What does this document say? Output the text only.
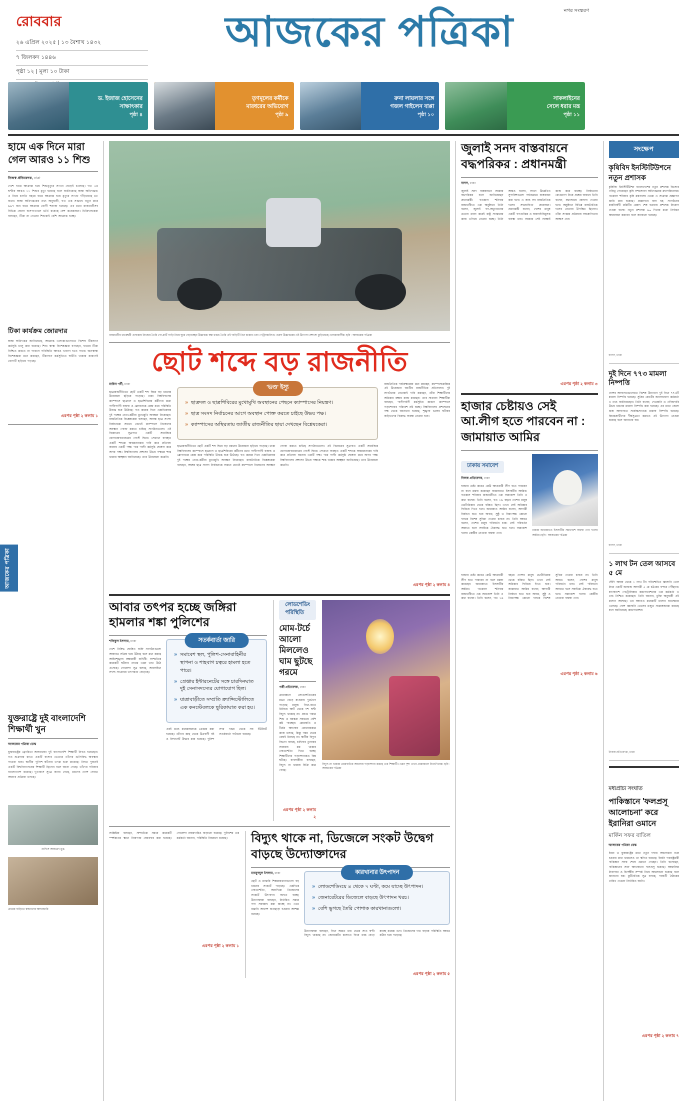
রোববার
২৬ এপ্রিল ২০২৫ | ১৩ বৈশাখ ১৪৩২
৭ জিলকদ ১৪৪৬
পৃষ্ঠা ১২ | মূল্য ১০ টাকা
নগর সংস্করণ
আজকের পত্রিকা
ড. ইজাজ হোসেনের
সাক্ষাৎকার
পৃষ্ঠা ৪
তৃণমূলের কর্মীকে
মারধরের অভিযোগ
পৃষ্ঠা ৯
রুনা লায়লার সঙ্গে
গজল গাইলেন বাপ্পা
পৃষ্ঠা ১০
সাকলাইনের
সেলে ধরার মন্ত্র
পৃষ্ঠা ১১
হামে এক দিনে মারা গেল আরও ১১ শিশু
নিজস্ব প্রতিবেদক, ঢাকা
দেশে হামে আক্রান্ত হয়ে শিশুমৃত্যুর সংখ্যা বেড়েই চলেছে। গত ২৪ ঘণ্টায় আরও ১১ শিশুর মৃত্যু হয়েছে বলে জানিয়েছে স্বাস্থ্য অধিদপ্তর। এ নিয়ে চলতি বছরে হামে আক্রান্ত হয়ে মৃত্যুর সংখ্যা দাঁড়িয়েছে ৪৮ জনে। স্বাস্থ্য অধিদপ্তরের তথ্য অনুযায়ী, গত এক সপ্তাহে নতুন করে ৬৯৭ জন হামে আক্রান্ত রোগী শনাক্ত হয়েছে। এর মধ্যে রাজধানীসহ বিভিন্ন জেলা হাসপাতালে ভর্তি রয়েছে বেশ কয়েকজন। চিকিৎসকেরা বলছেন, টিকা না নেওয়া শিশুরাই বেশি আক্রান্ত হচ্ছে।
টিকা কার্যক্রম জোরদার
স্বাস্থ্য অধিদপ্তর জানিয়েছে, আক্রান্ত এলাকাগুলোতে বিশেষ টিকাদান কর্মসূচি চালু করা হয়েছে। শিশু স্বাস্থ্য বিশেষজ্ঞরা বলছেন, হামের টিকা নিশ্চিত করতে না পারলে পরিস্থিতি আরও খারাপ হতে পারে। জনস্বাস্থ্য বিশেষজ্ঞরা মনে করছেন, টিকাদান কর্মসূচিতে ঘাটতি থাকার কারণেই রোগটি ছড়িয়ে পড়ছে।
এরপর পৃষ্ঠা ২ কলাম ১
যুক্তরাষ্ট্রে দুই বাংলাদেশি শিক্ষার্থী খুন
আজকের পত্রিকা ডেস্ক
যুক্তরাষ্ট্রের ফ্লোরিডা অঙ্গরাজ্যে দুই বাংলাদেশি শিক্ষার্থী নিহত হয়েছেন। গত শুক্রবার রাতে একটি বাসার ভেতরে তাঁদের গুলিবিদ্ধ অবস্থায় পাওয়া যায়। স্থানীয় পুলিশ ঘটনার তদন্ত শুরু করেছে। নিহত দুজনই একটি বিশ্ববিদ্যালয়ের শিক্ষার্থী ছিলেন বলে জানা গেছে। তাঁদের পরিবার বাংলাদেশে রয়েছে। দূতাবাস সূত্রে জানা গেছে, মরদেহ দেশে ফেরত আনার প্রক্রিয়া চলছে।
নাফিস আহমেদ মুগ্ধ
গ্রামের বাড়িতে স্বজনদের আহাজারি
রাজধানীর ঢাকেশ্বরী এলাকায় নিজের তৈরি গো-কার্ট গাড়ি নিয়ে ঘুরে বেড়াচ্ছেন উদ্ভাবক। স্বল্প খরচে তৈরি এই গাড়িটি তিন চাকার এবং পেট্রলচালিত। তরুণ উদ্ভাবকের এই উদ্যোগ প্রশংসা কুড়িয়েছে এলাকাবাসীর। ছবি : আজকের পত্রিকা
ছোট শব্দে বড় রাজনীতি
রাকিব পর্বী, ঢাকা
ছাত্ররাজনীতিতে ছোট একটি শব্দ ঘিরে বড় ধরনের উত্তেজনা ছড়িয়ে পড়েছে। ঢাকা বিশ্ববিদ্যালয় ক্যাম্পাসে ছাত্রদল ও ছাত্রশিবিরের কর্মীদের মধ্যে পাল্টাপাল্টি বক্তব্য ও স্লোগানকে কেন্দ্র করে পরিস্থিতি উত্তপ্ত হয়ে উঠেছে। গত কয়েক দিনে একাধিকবার দুই পক্ষের নেতা-কর্মীরা মুখোমুখি অবস্থান নিয়েছেন। রাজনৈতিক বিশ্লেষকেরা বলছেন, আসন্ন ছাত্র সংসদ নির্বাচনকে সামনে রেখেই ক্যাম্পাসে নিজেদের অবস্থান পোক্ত করতে চাইছে সংগঠনগুলো। এই বিরোধের সূত্রপাত একটি সামাজিক যোগাযোগমাধ্যমের পোস্ট ঘিরে। সেখানে ব্যবহৃত একটি শব্দকে অবমাননাকর দাবি করে প্রতিবাদ জানায় একটি পক্ষ। পরে পাল্টা কর্মসূচি ঘোষণা করে অপর পক্ষ। বিশ্ববিদ্যালয় প্রশাসন উভয় পক্ষকে শান্ত থাকার আহ্বান জানিয়েছে। তবে উত্তেজনা কমেনি।
'ভণ্ড' ইস্যু
» ছাত্রদল ও ছাত্রশিবিরের মুখোমুখি অবস্থানের পেছনে ক্যাম্পাসের নিয়ন্ত্রণ।
» ছাত্র সংসদ নির্বাচনের আগে অবস্থান পোক্ত করতে চাইছে উভয় পক্ষ।
» ক্যাম্পাসের অস্থিরতায় জাতীয় রাজনীতির ছায়া দেখছেন বিশ্লেষকেরা।
ছাত্ররাজনীতিতে ছোট একটি শব্দ ঘিরে বড় ধরনের উত্তেজনা ছড়িয়ে পড়েছে। ঢাকা বিশ্ববিদ্যালয় ক্যাম্পাসে ছাত্রদল ও ছাত্রশিবিরের কর্মীদের মধ্যে পাল্টাপাল্টি বক্তব্য ও স্লোগানকে কেন্দ্র করে পরিস্থিতি উত্তপ্ত হয়ে উঠেছে। গত কয়েক দিনে একাধিকবার দুই পক্ষের নেতা-কর্মীরা মুখোমুখি অবস্থান নিয়েছেন। রাজনৈতিক বিশ্লেষকেরা বলছেন, আসন্ন ছাত্র সংসদ নির্বাচনকে সামনে রেখেই ক্যাম্পাসে নিজেদের অবস্থান পোক্ত করতে চাইছে সংগঠনগুলো। এই বিরোধের সূত্রপাত একটি সামাজিক যোগাযোগমাধ্যমের পোস্ট ঘিরে। সেখানে ব্যবহৃত একটি শব্দকে অবমাননাকর দাবি করে প্রতিবাদ জানায় একটি পক্ষ। পরে পাল্টা কর্মসূচি ঘোষণা করে অপর পক্ষ। বিশ্ববিদ্যালয় প্রশাসন উভয় পক্ষকে শান্ত থাকার আহ্বান জানিয়েছে। তবে উত্তেজনা কমেনি।
রাজনৈতিক পর্যবেক্ষকেরা মনে করছেন, ক্যাম্পাসকেন্দ্রিক এই উত্তেজনা জাতীয় রাজনীতির প্রতিফলন। দুই সংগঠনের নেতারাই দাবি করছেন, তাঁরা শিক্ষার্থীদের অধিকার রক্ষায় কাজ করছেন। তবে সাধারণ শিক্ষার্থীরা বলছেন, পাল্টাপাল্টি কর্মসূচির কারণে ক্যাম্পাসে পড়াশোনার পরিবেশ নষ্ট হচ্ছে। বিশ্ববিদ্যালয় প্রশাসনের পক্ষ থেকে জানানো হয়েছে, শৃঙ্খলা ভঙ্গের ঘটনায় জড়িতদের বিরুদ্ধে ব্যবস্থা নেওয়া হবে।
এরপর পৃষ্ঠা ২ কলাম ৪
আবার তৎপর হচ্ছে জঙ্গিরা হামলার শঙ্কা পুলিশের
শফিকুল ইসলাম, ঢাকা
দেশে নিষিদ্ধ ঘোষিত জঙ্গি সংগঠনগুলো আবারও সক্রিয় হয়ে উঠছে বলে মনে করছে আইনশৃঙ্খলা রক্ষাকারী বাহিনী। সাম্প্রতিক কয়েকটি ঘটনার তদন্তে এমন তথ্য উঠে এসেছে। গোয়েন্দা সূত্র বলছে, অনলাইনে সদস্য সংগ্রহের তৎপরতা বেড়েছে।
সতর্কবার্তা জারি
» সমাবেশ স্থল, পুলিশ-সেনাবাহিনীর স্থাপনা ও শাহবাগ চত্বরে হামলা হতে পারে।
» গ্রেপ্তার ইন্টারনেটের সঙ্গে চারদিনঘাত দুই সেনাসদস্যের যোগাযোগ ছিল।
» যাত্রাবাড়ীতে সম্প্রতি ক্র্যান্সিস্টোলিতে এক কনস্টেবলকে ছুরিকাঘাত করা হয়।
এরই মধ্যে কয়েকজনকে গ্রেপ্তার করা হয়েছে। তাঁদের কাছ থেকে উগ্রবাদী বই ও লিফলেট উদ্ধার করা হয়েছে। পুলিশ সদর দপ্তর থেকে সব ইউনিটে সতর্কবার্তা পাঠানো হয়েছে।
লোডশেডিং পরিস্থিতি
মোম-টর্চে আলো মিললেও ঘাম ছুটছে গরমে
পল্লী প্রতিবেদক, ঢাকা
গ্রামাঞ্চলে লোডশেডিংয়ের মাত্রা বেড়ে যাওয়ায় দুর্ভোগে পড়েছে মানুষ। দিনে-রাতে মিলিয়ে আট থেকে দশ ঘণ্টা বিদ্যুৎ থাকছে না। প্রচণ্ড গরমে শিশু ও বয়স্করা সবচেয়ে বেশি কষ্ট পাচ্ছেন। মোমবাতি ও টর্চের আলোয় কোনোরকমে কাজ চলছে, কিন্তু গরম থেকে রেহাই মিলছে না। স্থানীয় বিদ্যুৎ বিভাগ বলছে, চাহিদার তুলনায় সরবরাহ কম থাকায় লোডশেডিং দিতে হচ্ছে। শিক্ষার্থীদের পড়াশোনায়ও বিঘ্ন ঘটছে। ব্যবসায়ীরা বলছেন, বিদ্যুৎ না থাকায় বিক্রি কমে গেছে।
এরপর পৃষ্ঠা ২ কলাম ২
বিদ্যুৎ না থাকায় মোমবাতির আলোয় পড়াশোনা করছে এক শিক্ষার্থী। এমন দৃশ্য এখন গ্রামাঞ্চলে নিত্যদিনের। ছবি : আজকের পত্রিকা
সংশ্লিষ্টরা বলছেন, সাম্প্রতিক সময়ে কয়েকটি স্পর্শকাতর স্থানে নিরাপত্তা জোরদার করা হয়েছে। গোয়েন্দা নজরদারিও বাড়ানো হয়েছে। পুলিশের এক কর্মকর্তা জানান, পরিস্থিতি নিয়ন্ত্রণে রয়েছে।
এরপর পৃষ্ঠা ২ কলাম ১
বিদ্যুৎ থাকে না, ডিজেলে সংকট উদ্বেগ বাড়ছে উদ্যোক্তাদের
মাহফুজুল ইসলাম, ঢাকা
ছোট ও মাঝারি শিল্পকারখানাগুলো বড় ধরনের সংকটে পড়েছে। একদিকে লোডশেডিং, অন্যদিকে ডিজেলের সংকটে উৎপাদন ব্যাহত হচ্ছে। উদ্যোক্তারা বলছেন, নির্ধারিত সময়ে পণ্য সরবরাহ করা যাচ্ছে না। এতে রপ্তানি আদেশ হাতছাড়া হওয়ার আশঙ্কা রয়েছে।
কারখানার উৎপাদন
» লোডশেডিংয়ে ৪ থেকে ৭ ঘণ্টা, কমে যাচ্ছে উৎপাদন।
» জেনারেটরের ডিজেলে বাড়ছে উৎপাদন খরচ।
» বেশি ভুগছে তৈরি পোশাক কারখানাগুলো।
উদ্যোক্তারা বলছেন, দিনে অন্তত চার থেকে সাত ঘণ্টা বিদ্যুৎ থাকছে না। জেনারেটর চালাতে গিয়ে খরচ বেড়ে যাচ্ছে কয়েক গুণ। ডিজেলের দাম বাড়ায় পরিস্থিতি আরও কঠিন হয়ে পড়েছে।
এরপর পৃষ্ঠা ২ কলাম ৫
জুলাই সনদ বাস্তবায়নে বদ্ধপরিকর : প্রধানমন্ত্রী
বাসস, ঢাকা
জুলাই সনদ বাস্তবায়নে সরকার বদ্ধপরিকর বলে জানিয়েছেন প্রধানমন্ত্রী। গতকাল শনিবার রাজধানীতে এক অনুষ্ঠানে তিনি বলেন, জুলাই গণ-অভ্যুত্থানের চেতনা ধারণ করেই রাষ্ট্র সংস্কারের কাজ এগিয়ে নেওয়া হচ্ছে। তিনি আরও বলেন, সনদে উল্লেখিত সুপারিশগুলো পর্যায়ক্রমে বাস্তবায়ন করা হবে। এ জন্য সব রাজনৈতিক দলের সহযোগিতা প্রয়োজন। প্রধানমন্ত্রী বলেন, দেশের মানুষ একটি গণতান্ত্রিক ও জবাবদিহিমূলক ব্যবস্থা চায়। সরকার সেই লক্ষ্যেই কাজ করে যাচ্ছে। নির্বাচনের রোডম্যাপ নিয়ে প্রশ্নের জবাবে তিনি বলেন, যথাসময়ে ঘোষণা দেওয়া হবে। অনুষ্ঠানে বিভিন্ন রাজনৈতিক দলের নেতারা উপস্থিত ছিলেন। তাঁরা সংস্কার প্রক্রিয়ায় সহযোগিতার আশ্বাস দেন।
এরপর পৃষ্ঠা ২ কলাম ৩
হাজার চেষ্টায়ও সেই আ.লীগ হতে পারবেন না : জামায়াত আমির
ঢাকায় সমাবেশ
নিজস্ব প্রতিবেদক, ঢাকা
হাজার চেষ্টা করেও কেউ আওয়ামী লীগ হতে পারবেন না বলে মন্তব্য করেছেন জামায়াতে ইসলামীর আমির। গতকাল শনিবার রাজধানীতে এক সমাবেশে তিনি এ কথা বলেন। তিনি বলেন, গত ১৬ বছরে দেশের মানুষ ভোটাধিকার থেকে বঞ্চিত ছিল। এখন সেই অধিকার ফিরিয়ে দিতে হবে। জামায়াত আমির বলেন, আগামী নির্বাচন হতে হবে অবাধ, সুষ্ঠু ও নিরপেক্ষ। কোনো দলকে বিশেষ সুবিধা দেওয়া চলবে না। তিনি আরও বলেন, দেশের মানুষ পরিবর্তন চায়। সেই পরিবর্তন আনতে হলে সবাইকে ঐক্যবদ্ধ হতে হবে। সমাবেশে দলের কেন্দ্রীয় নেতারা বক্তব্য দেন।
ঢাকায় জামায়াতে ইসলামীর সমাবেশে বক্তব্য দেন দলের আমির। ছবি : আজকের পত্রিকা
হাজার চেষ্টা করেও কেউ আওয়ামী লীগ হতে পারবেন না বলে মন্তব্য করেছেন জামায়াতে ইসলামীর আমির। গতকাল শনিবার রাজধানীতে এক সমাবেশে তিনি এ কথা বলেন। তিনি বলেন, গত ১৬ বছরে দেশের মানুষ ভোটাধিকার থেকে বঞ্চিত ছিল। এখন সেই অধিকার ফিরিয়ে দিতে হবে। জামায়াত আমির বলেন, আগামী নির্বাচন হতে হবে অবাধ, সুষ্ঠু ও নিরপেক্ষ। কোনো দলকে বিশেষ সুবিধা দেওয়া চলবে না। তিনি আরও বলেন, দেশের মানুষ পরিবর্তন চায়। সেই পরিবর্তন আনতে হলে সবাইকে ঐক্যবদ্ধ হতে হবে। সমাবেশে দলের কেন্দ্রীয় নেতারা বক্তব্য দেন।
এরপর পৃষ্ঠা ২ কলাম ৬
সংক্ষেপ
কৃষিবিদ ইনস্টিটিউশনে নতুন প্রশাসক
কৃষিবিদ ইনস্টিটিউশন বাংলাদেশের নতুন প্রশাসক হিসেবে দায়িত্ব পেয়েছেন কৃষি সম্প্রসারণ অধিদপ্তরের মহাপরিচালক। গতকাল শনিবার কৃষি মন্ত্রণালয় থেকে এ সংক্রান্ত প্রজ্ঞাপন জারি করা হয়েছে। প্রজ্ঞাপনে বলা হয়, সংগঠনের কার্যনির্বাহী কমিটির মেয়াদ শেষ হওয়ায় প্রশাসক নিয়োগ দেওয়া হলো। নতুন প্রশাসক ৯০ দিনের মধ্যে নির্বাচন আয়োজন করবেন বলে জানানো হয়েছে।
বাসস, ঢাকা
দুই দিনে ৭৭৩ মামলা নিষ্পত্তি
দেশের আদালতগুলোতে বিশেষ উদ্যোগে দুই দিনে ৭৭৩টি মামলা নিষ্পত্তি হয়েছে। সুপ্রিম কোর্টের জনসংযোগ কর্মকর্তা এ তথ্য জানিয়েছেন। তিনি বলেন, দেওয়ানি ও ফৌজদারি উভয় ধরনের মামলা নিষ্পত্তি করা হয়েছে। এর মধ্যে জেলা জজ আদালতে সর্বোচ্চসংখ্যক মামলা নিষ্পত্তি হয়েছে। বিচারপ্রার্থীদের দীর্ঘসূত্রতা কমাতে এই উদ্যোগ নেওয়া হয়েছে বলে জানানো হয়।
বাসস, ঢাকা
১ লাখ টন তেল আসবে ৫ মে
সৌদি আরব থেকে ১ লাখ টন পরিশোধিত জ্বালানি তেল নিয়ে একটি জাহাজ আগামী ৫ মে চট্টগ্রাম বন্দরে পৌঁছাবে। বাংলাদেশ পেট্রোলিয়াম করপোরেশনের এক কর্মকর্তা এ তথ্য নিশ্চিত করেছেন। তিনি জানান, চুক্তি অনুযায়ী এই চালান আসছে। এর আগেও কয়েকটি চালান যথাসময়ে এসেছে। দেশে জ্বালানি তেলের মজুত সন্তোষজনক রয়েছে বলে জানিয়েছে করপোরেশন।
নিজস্ব প্রতিবেদক, ঢাকা
মধ্যপ্রাচ্য সংঘাত
পাকিস্তানে 'ফলপ্রসূ আলোচনা' করে ইরানিরা ওমানে
মার্কিন সফর বাতিল
আজকের পত্রিকা ডেস্ক
ইরান ও যুক্তরাষ্ট্রের মধ্যে নতুন দফার আলোচনা শুরু হওয়ার কথা থাকলেও তা স্থগিত হয়েছে। ইরানি পররাষ্ট্রমন্ত্রী পাকিস্তান সফর শেষে ওমানে গেছেন। তিনি বলেছেন, পাকিস্তানের সঙ্গে আলোচনা ফলপ্রসূ হয়েছে। আঞ্চলিক নিরাপত্তা ও দ্বিপক্ষীয় সম্পর্ক নিয়ে আলোচনা হয়েছে বলে জানানো হয়। কূটনৈতিক সূত্র বলছে, পরবর্তী বৈঠকের তারিখ এখনো নির্ধারিত হয়নি।
এরপর পৃষ্ঠা ২ কলাম ৭
আজকের পত্রিকা
